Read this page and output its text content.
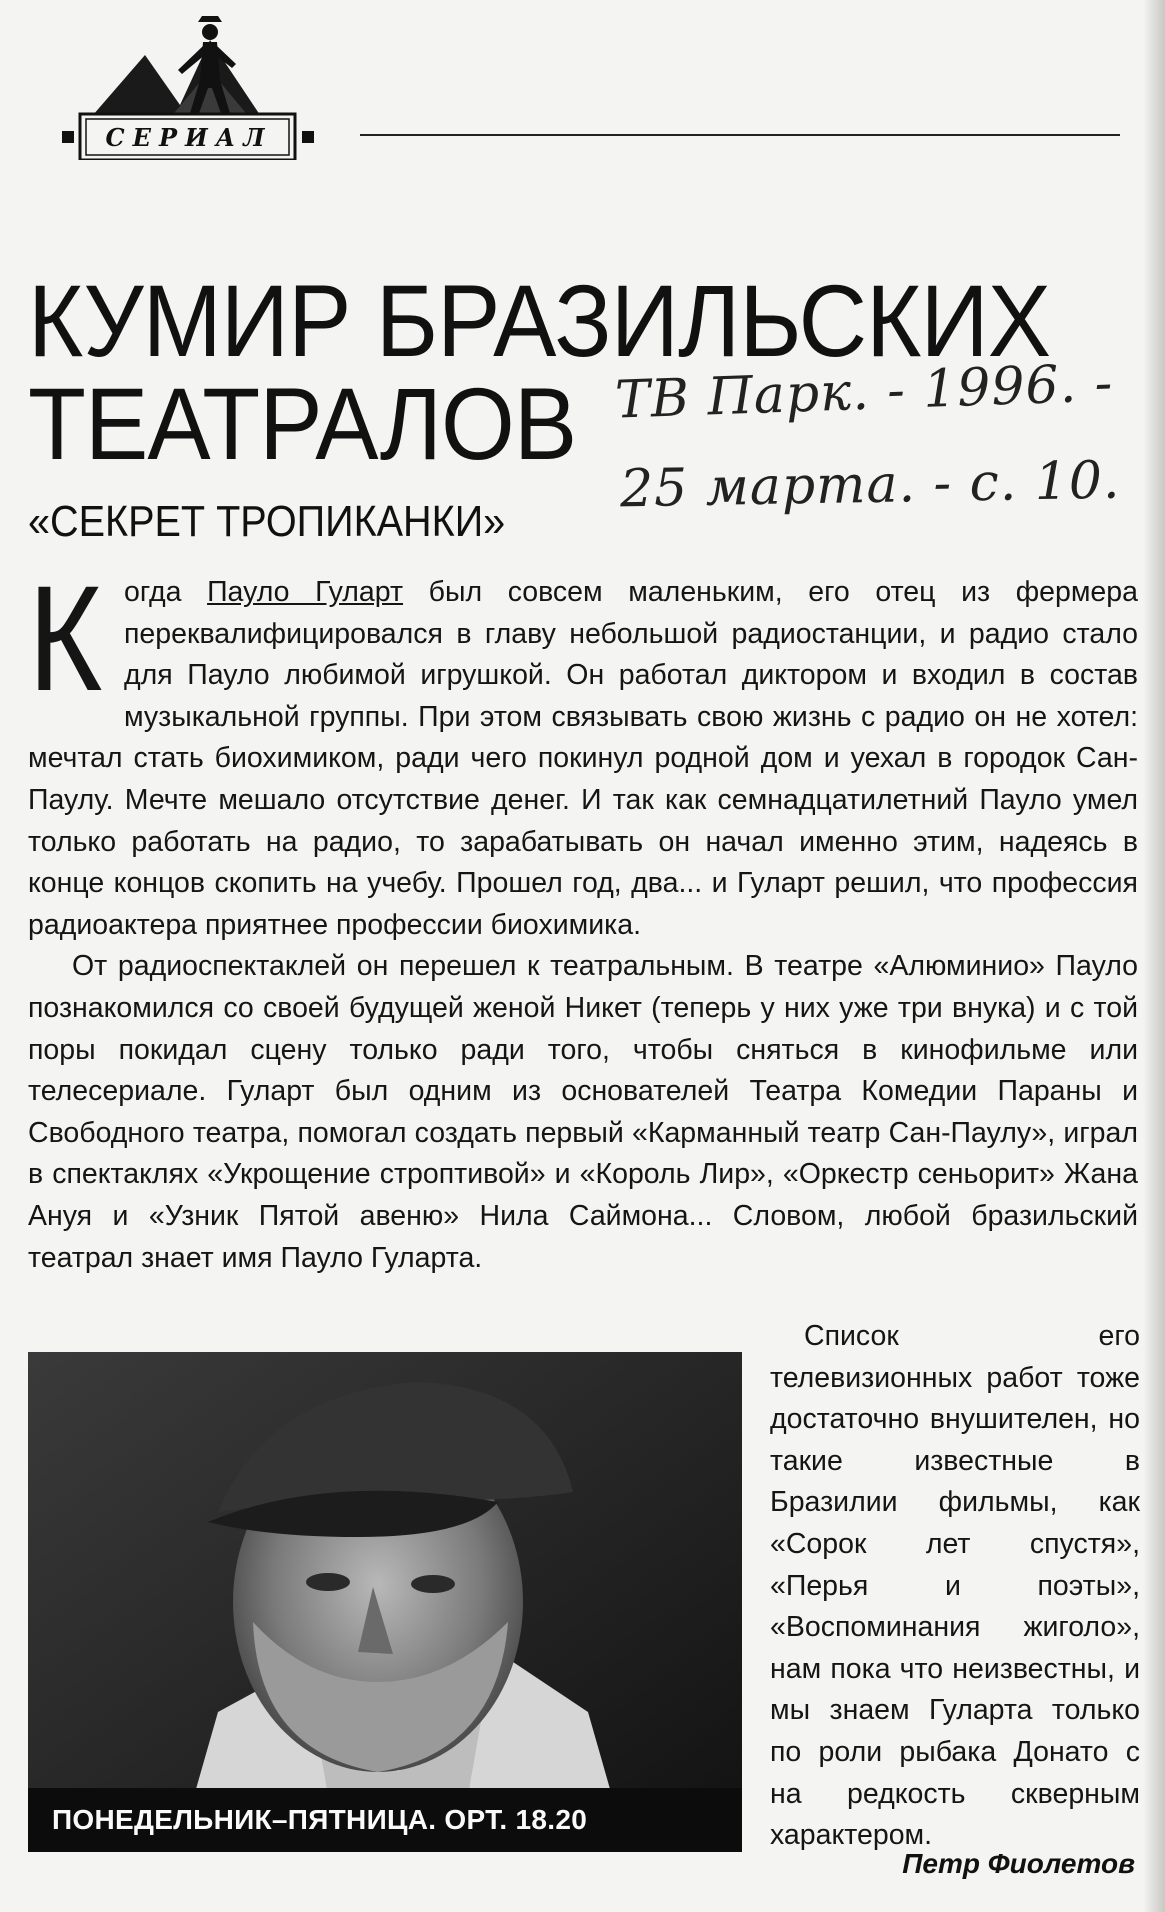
СЕРИАЛ
КУМИР БРАЗИЛЬСКИХ
ТЕАТРАЛОВ
«СЕКРЕТ ТРОПИКАНКИ»
ТВ Парк. - 1996. -
25 марта. - с. 10.

Когда Пауло Гуларт был совсем маленьким, его отец из фермера переквалифицировался в главу небольшой радиостанции, и радио стало для Пауло любимой игрушкой. Он работал диктором и входил в состав музыкальной группы. При этом связывать свою жизнь с радио он не хотел: мечтал стать биохимиком, ради чего покинул родной дом и уехал в городок Сан-Паулу. Мечте мешало отсутствие денег. И так как семнадцатилетний Пауло умел только работать на радио, то зарабатывать он начал именно этим, надеясь в конце концов скопить на учебу. Прошел год, два... и Гуларт решил, что профессия радиоактера приятнее профессии биохимика.

От радиоспектаклей он перешел к театральным. В театре «Алюминио» Пауло познакомился со своей будущей женой Никет (теперь у них уже три внука) и с той поры покидал сцену только ради того, чтобы сняться в кинофильме или телесериале. Гуларт был одним из основателей Театра Комедии Параны и Свободного театра, помогал создать первый «Карманный театр Сан-Паулу», играл в спектаклях «Укрощение строптивой» и «Король Лир», «Оркестр сеньорит» Жана Ануя и «Узник Пятой авеню» Нила Саймона... Словом, любой бразильский театрал знает имя Пауло Гуларта.

ПОНЕДЕЛЬНИК–ПЯТНИЦА. ОРТ. 18.20

Список его телевизионных работ тоже достаточно внушителен, но такие известные в Бразилии фильмы, как «Сорок лет спустя», «Перья и поэты», «Воспоминания жиголо», нам пока что неизвестны, и мы знаем Гуларта только по роли рыбака Донато с на редкость скверным характером.

Петр Фиолетов
